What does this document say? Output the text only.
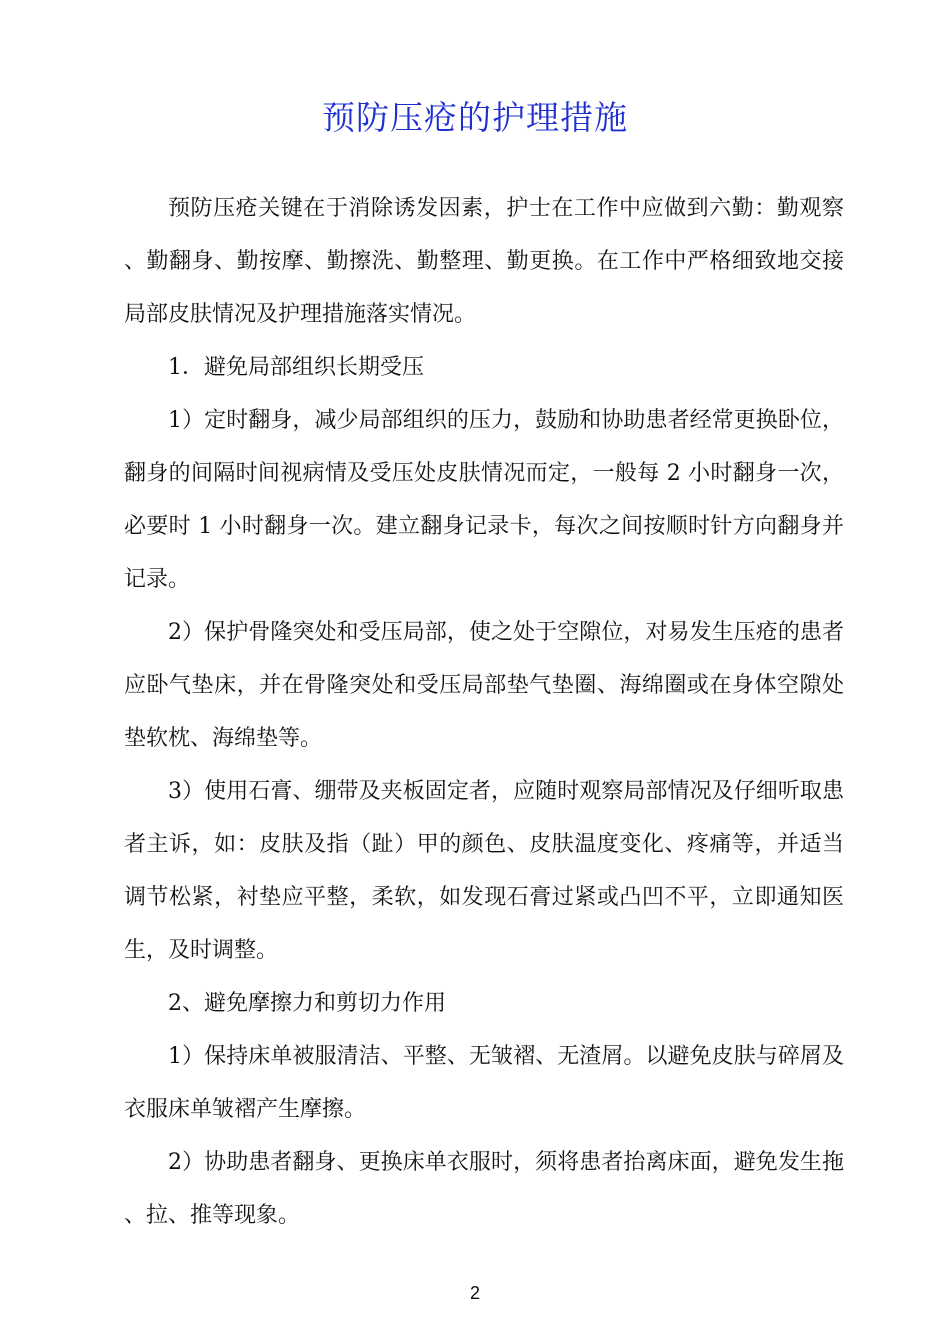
预防压疮的护理措施

预防压疮关键在于消除诱发因素，护士在工作中应做到六勤：勤观察、勤翻身、勤按摩、勤擦洗、勤整理、勤更换。在工作中严格细致地交接局部皮肤情况及护理措施落实情况。

1．避免局部组织长期受压

1）定时翻身，减少局部组织的压力，鼓励和协助患者经常更换卧位，翻身的间隔时间视病情及受压处皮肤情况而定，一般每 2 小时翻身一次，必要时 1 小时翻身一次。建立翻身记录卡，每次之间按顺时针方向翻身并记录。

2）保护骨隆突处和受压局部，使之处于空隙位，对易发生压疮的患者应卧气垫床，并在骨隆突处和受压局部垫气垫圈、海绵圈或在身体空隙处垫软枕、海绵垫等。

3）使用石膏、绷带及夹板固定者，应随时观察局部情况及仔细听取患者主诉，如：皮肤及指（趾）甲的颜色、皮肤温度变化、疼痛等，并适当调节松紧，衬垫应平整，柔软，如发现石膏过紧或凸凹不平，立即通知医生，及时调整。

2、避免摩擦力和剪切力作用

1）保持床单被服清洁、平整、无皱褶、无渣屑。以避免皮肤与碎屑及衣服床单皱褶产生摩擦。

2）协助患者翻身、更换床单衣服时，须将患者抬离床面，避免发生拖、拉、推等现象。

2
